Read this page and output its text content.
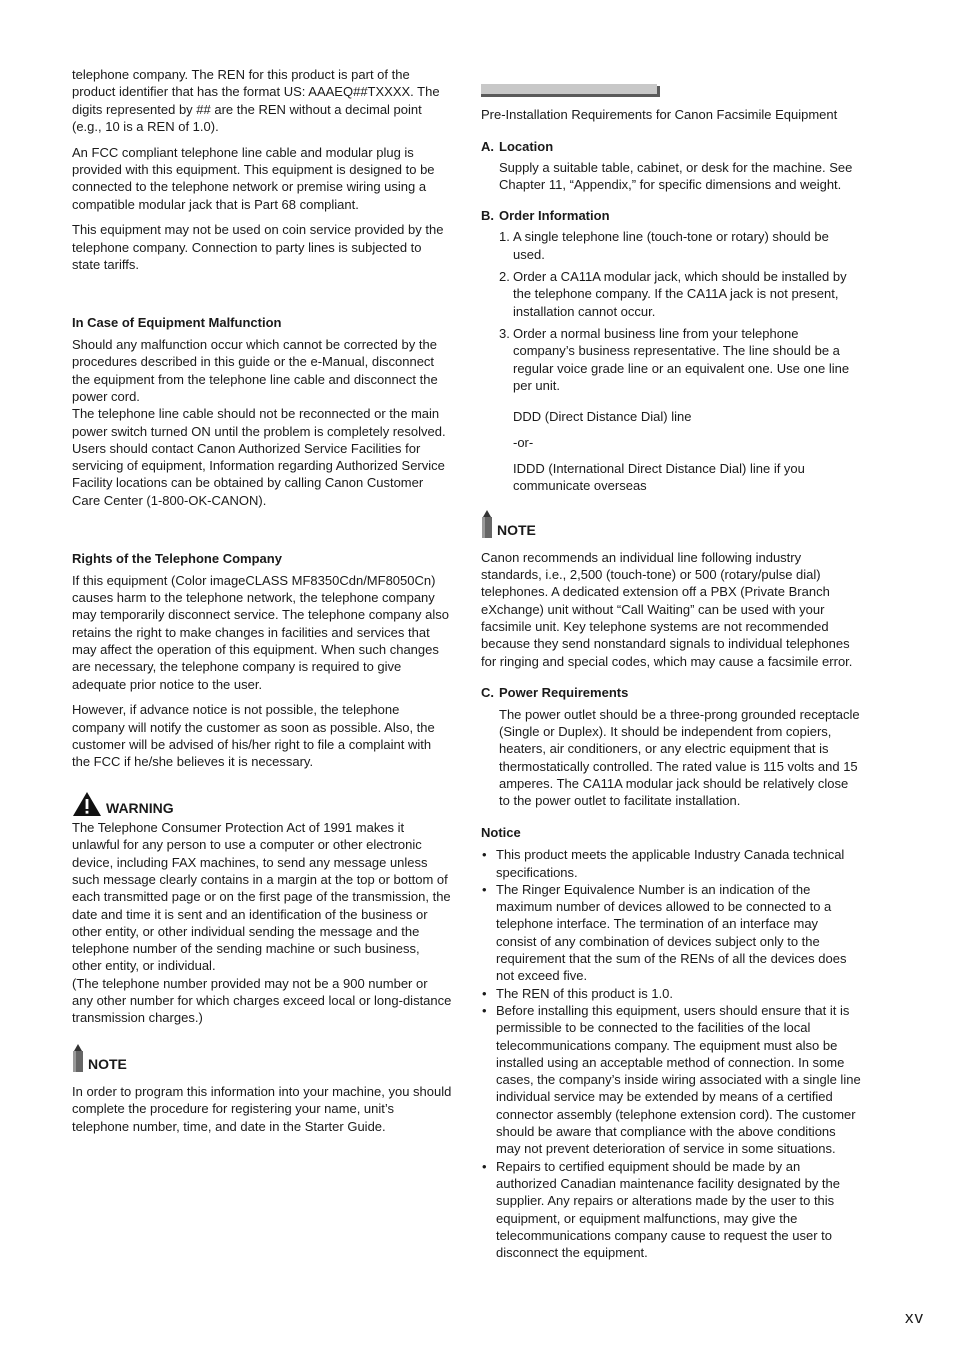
telephone company. The REN for this product is part of the product identifier that has the format US: AAAEQ##TXXXX. The digits represented by ## are the REN without a decimal point (e.g., 10 is a REN of 1.0).

An FCC compliant telephone line cable and modular plug is provided with this equipment. This equipment is designed to be connected to the telephone network or premise wiring using a compatible modular jack that is Part 68 compliant.

This equipment may not be used on coin service provided by the telephone company. Connection to party lines is subjected to state tariffs.

In Case of Equipment Malfunction

Should any malfunction occur which cannot be corrected by the procedures described in this guide or the e-Manual, disconnect the equipment from the telephone line cable and disconnect the power cord.

The telephone line cable should not be reconnected or the main power switch turned ON until the problem is completely resolved. Users should contact Canon Authorized Service Facilities for servicing of equipment, Information regarding Authorized Service Facility locations can be obtained by calling Canon Customer Care Center (1-800-OK-CANON).

Rights of the Telephone Company

If this equipment (Color imageCLASS MF8350Cdn/MF8050Cn) causes harm to the telephone network, the telephone company may temporarily disconnect service. The telephone company also retains the right to make changes in facilities and services that may affect the operation of this equipment. When such changes are necessary, the telephone company is required to give adequate prior notice to the user.

However, if advance notice is not possible, the telephone company will notify the customer as soon as possible. Also, the customer will be advised of his/her right to file a complaint with the FCC if he/she believes it is necessary.

WARNING

The Telephone Consumer Protection Act of 1991 makes it unlawful for any person to use a computer or other electronic device, including FAX machines, to send any message unless such message clearly contains in a margin at the top or bottom of each transmitted page or on the first page of the transmission, the date and time it is sent and an identification of the business or other entity, or other individual sending the message and the telephone number of the sending machine or such business, other entity, or individual.

(The telephone number provided may not be a 900 number or any other number for which charges exceed local or long-distance transmission charges.)

NOTE

In order to program this information into your machine, you should complete the procedure for registering your name, unit’s telephone number, time, and date in the Starter Guide.

Pre-Installation Requirements for Canon Facsimile Equipment

A. Location

Supply a suitable table, cabinet, or desk for the machine. See Chapter 11, “Appendix,” for specific dimensions and weight.

B. Order Information
1. A single telephone line (touch-tone or rotary) should be used.
2. Order a CA11A modular jack, which should be installed by the telephone company. If the CA11A jack is not present, installation cannot occur.
3. Order a normal business line from your telephone company’s business representative. The line should be a regular voice grade line or an equivalent one. Use one line per unit.

DDD (Direct Distance Dial) line

-or-

IDDD (International Direct Distance Dial) line if you communicate overseas

NOTE

Canon recommends an individual line following industry standards, i.e., 2,500 (touch-tone) or 500 (rotary/pulse dial) telephones. A dedicated extension off a PBX (Private Branch eXchange) unit without “Call Waiting” can be used with your facsimile unit. Key telephone systems are not recommended because they send nonstandard signals to individual telephones for ringing and special codes, which may cause a facsimile error.

C. Power Requirements

The power outlet should be a three-prong grounded receptacle (Single or Duplex). It should be independent from copiers, heaters, air conditioners, or any electric equipment that is thermostatically controlled. The rated value is 115 volts and 15 amperes. The CA11A modular jack should be relatively close to the power outlet to facilitate installation.

Notice

• This product meets the applicable Industry Canada technical specifications.
• The Ringer Equivalence Number is an indication of the maximum number of devices allowed to be connected to a telephone interface. The termination of an interface may consist of any combination of devices subject only to the requirement that the sum of the RENs of all the devices does not exceed five.
• The REN of this product is 1.0.
• Before installing this equipment, users should ensure that it is permissible to be connected to the facilities of the local telecommunications company. The equipment must also be installed using an acceptable method of connection. In some cases, the company’s inside wiring associated with a single line individual service may be extended by means of a certified connector assembly (telephone extension cord). The customer should be aware that compliance with the above conditions may not prevent deterioration of service in some situations.
• Repairs to certified equipment should be made by an authorized Canadian maintenance facility designated by the supplier. Any repairs or alterations made by the user to this equipment, or equipment malfunctions, may give the telecommunications company cause to request the user to disconnect the equipment.
xv
